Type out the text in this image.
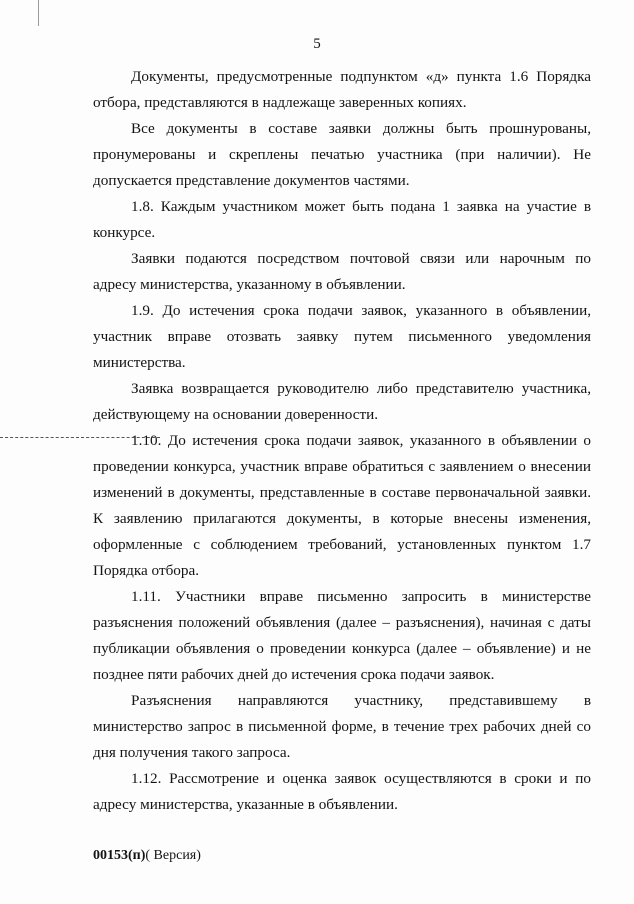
5

Документы, предусмотренные подпунктом «д» пункта 1.6 Порядка отбора, представляются в надлежаще заверенных копиях.

Все документы в составе заявки должны быть прошнурованы, пронумерованы и скреплены печатью участника (при наличии). Не допускается представление документов частями.

1.8. Каждым участником может быть подана 1 заявка на участие в конкурсе.

Заявки подаются посредством почтовой связи или нарочным по адресу министерства, указанному в объявлении.

1.9. До истечения срока подачи заявок, указанного в объявлении, участник вправе отозвать заявку путем письменного уведомления министерства.

Заявка возвращается руководителю либо представителю участника, действующему на основании доверенности.

1.10. До истечения срока подачи заявок, указанного в объявлении о проведении конкурса, участник вправе обратиться с заявлением о внесении изменений в документы, представленные в составе первоначальной заявки. К заявлению прилагаются документы, в которые внесены изменения, оформленные с соблюдением требований, установленных пунктом 1.7 Порядка отбора.

1.11. Участники вправе письменно запросить в министерстве разъяснения положений объявления (далее – разъяснения), начиная с даты публикации объявления о проведении конкурса (далее – объявление) и не позднее пяти рабочих дней до истечения срока подачи заявок.

Разъяснения направляются участнику, представившему в министерство запрос в письменной форме, в течение трех рабочих дней со дня получения такого запроса.

1.12. Рассмотрение и оценка заявок осуществляются в сроки и по адресу министерства, указанные в объявлении.

00153(п)( Версия)
